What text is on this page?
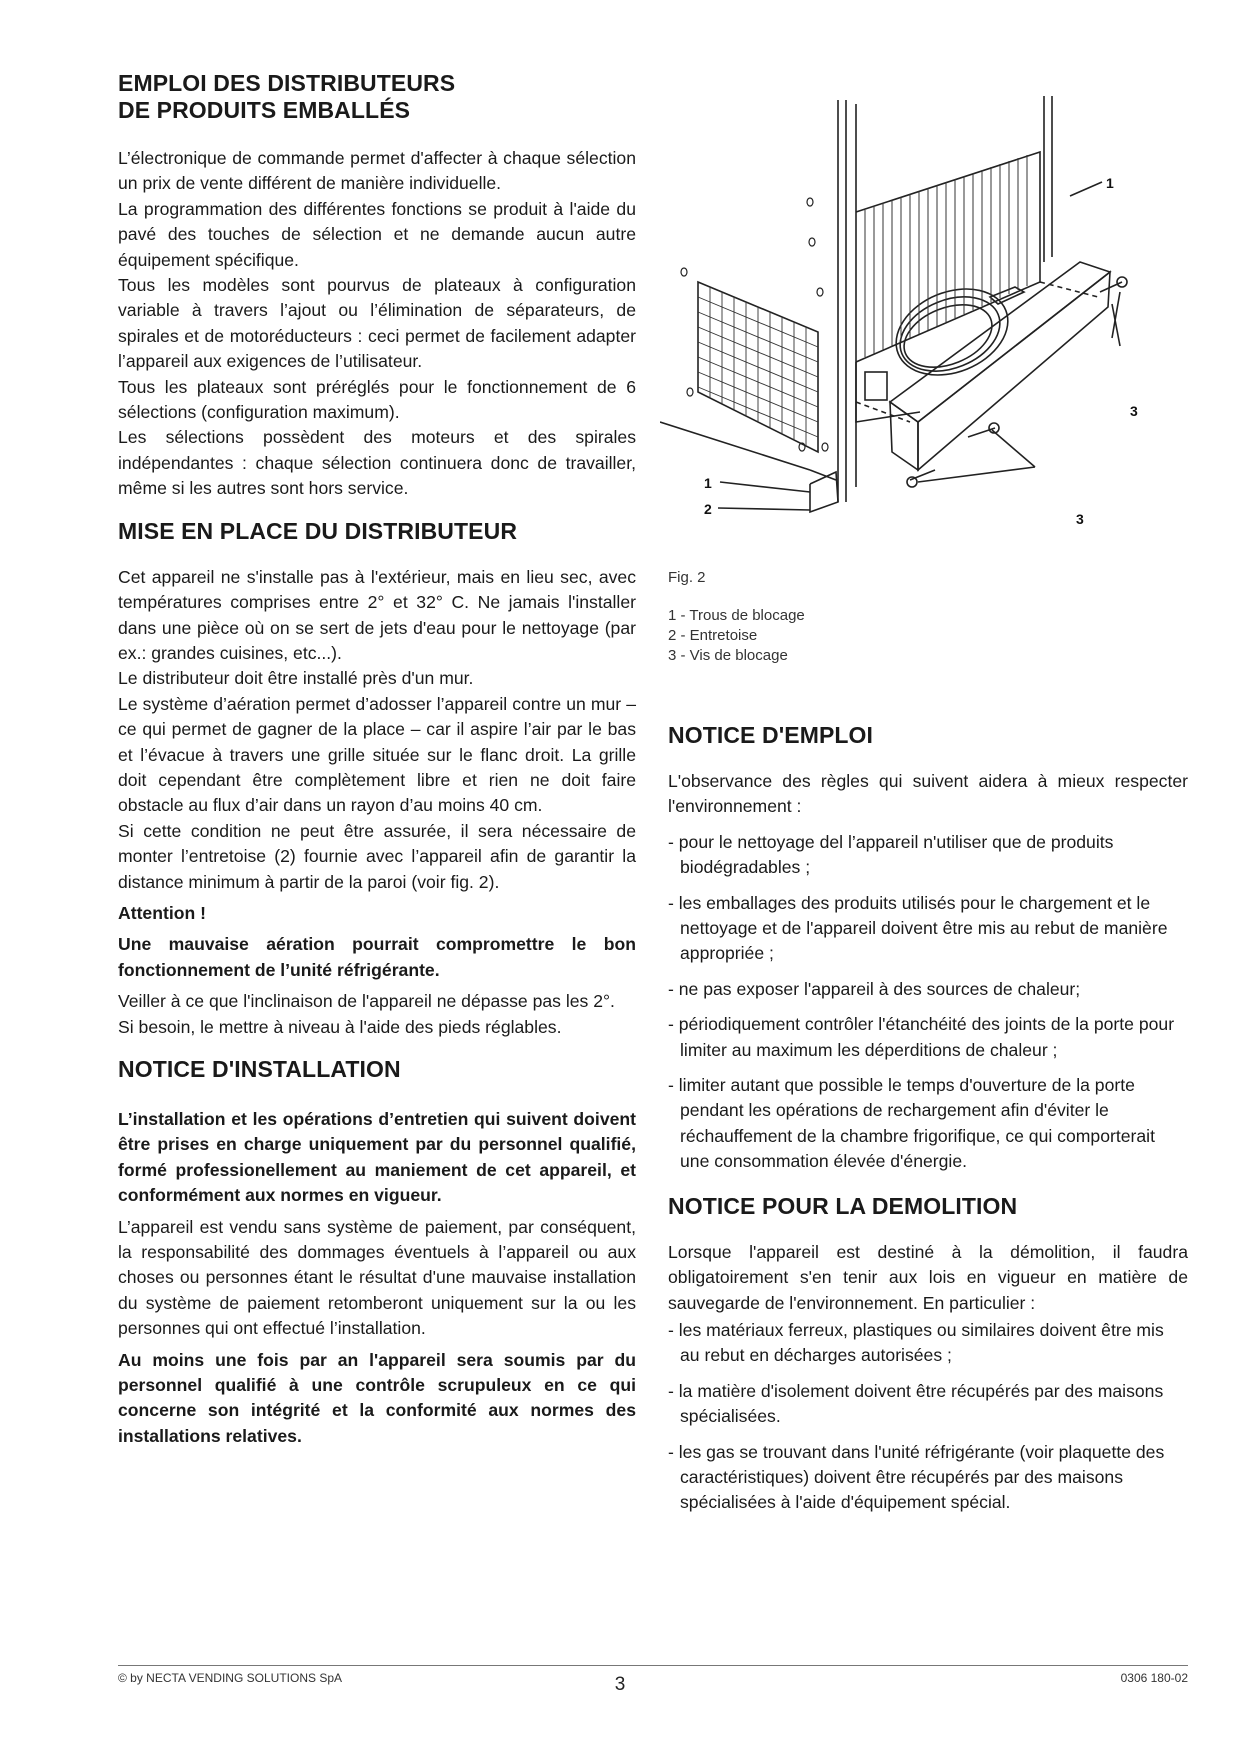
EMPLOI DES DISTRIBUTEURS
DE PRODUITS EMBALLÉS

L’électronique de commande permet d'affecter à chaque sélection un prix de vente différent de manière individuelle.

La programmation des différentes fonctions se produit à l'aide du pavé des touches de sélection et ne demande aucun autre équipement spécifique.

Tous les modèles sont pourvus de plateaux à configuration variable à travers l’ajout ou l’élimination de séparateurs, de spirales et de motoréducteurs : ceci permet de facilement adapter l’appareil aux exigences de l’utilisateur.

Tous les plateaux sont préréglés pour le fonctionnement de 6 sélections (configuration maximum).

Les sélections possèdent des moteurs et des spirales indépendantes : chaque sélection continuera donc de travailler, même si les autres sont hors service.

MISE EN PLACE DU DISTRIBUTEUR

Cet appareil ne s'installe pas à l'extérieur, mais en lieu sec, avec températures comprises entre 2° et 32° C. Ne jamais l'installer dans une pièce où on se sert de jets d'eau pour le nettoyage (par ex.: grandes cuisines, etc...).

Le distributeur doit être installé près d'un mur.

Le système d’aération permet d’adosser l’appareil contre un mur – ce qui permet de gagner de la place – car il aspire l’air par le bas et l’évacue à travers une grille située sur le flanc droit. La grille doit cependant être complètement libre et rien ne doit faire obstacle au flux d’air dans un rayon d’au moins 40 cm.

Si cette condition ne peut être assurée, il sera nécessaire de monter l’entretoise (2) fournie avec l’appareil afin de garantir la distance minimum à partir de la paroi (voir fig. 2).

Attention !

Une mauvaise aération pourrait compromettre le bon fonctionnement de l’unité réfrigérante.

Veiller à ce que l'inclinaison de l'appareil ne dépasse pas les 2°.

Si besoin, le mettre à niveau à l'aide des pieds réglables.

NOTICE D'INSTALLATION

L’installation et les opérations d’entretien qui suivent doivent être prises en charge uniquement par du personnel qualifié, formé professionellement au maniement de cet appareil, et conformément aux normes en vigueur.

L’appareil est vendu sans système de paiement, par conséquent, la responsabilité des dommages éventuels à l’appareil ou aux choses ou personnes étant le résultat d'une mauvaise installation du système de paiement retomberont uniquement sur la ou les personnes qui ont effectué l’installation.

Au moins une fois par an l'appareil sera soumis par du personnel qualifié à une contrôle scrupuleux en ce qui concerne son intégrité et la conformité aux normes des installations relatives.

1
3
1
2
3
Fig. 2
1 - Trous de blocage
2 - Entretoise
3 - Vis de blocage
NOTICE D'EMPLOI

L'observance des règles qui suivent aidera à mieux respecter l'environnement :

- pour le nettoyage del l’appareil n'utiliser que de produits biodégradables ;
- les emballages des produits utilisés pour le chargement et le nettoyage et de l'appareil doivent être mis au rebut de manière appropriée ;
- ne pas exposer l'appareil à des sources de chaleur;
- périodiquement contrôler l'étanchéité des joints de la porte pour limiter au maximum les déperditions de chaleur ;
- limiter autant que possible le temps d'ouverture de la porte pendant les opérations de rechargement afin d'éviter le réchauffement de la chambre frigorifique, ce qui comporterait une consommation élevée d'énergie.
NOTICE POUR LA DEMOLITION

Lorsque l'appareil est destiné à la démolition, il faudra obligatoirement s'en tenir aux lois en vigueur en matière de sauvegarde de l'environnement. En particulier :

- les matériaux ferreux, plastiques ou similaires doivent être mis au rebut en décharges autorisées ;
- la matière d'isolement doivent être récupérés par des maisons spécialisées.
- les gas se trouvant dans l'unité réfrigérante (voir plaquette des caractéristiques) doivent être récupérés par des maisons spécialisées à l'aide d'équipement spécial.
© by NECTA VENDING SOLUTIONS SpA	3	0306 180-02
